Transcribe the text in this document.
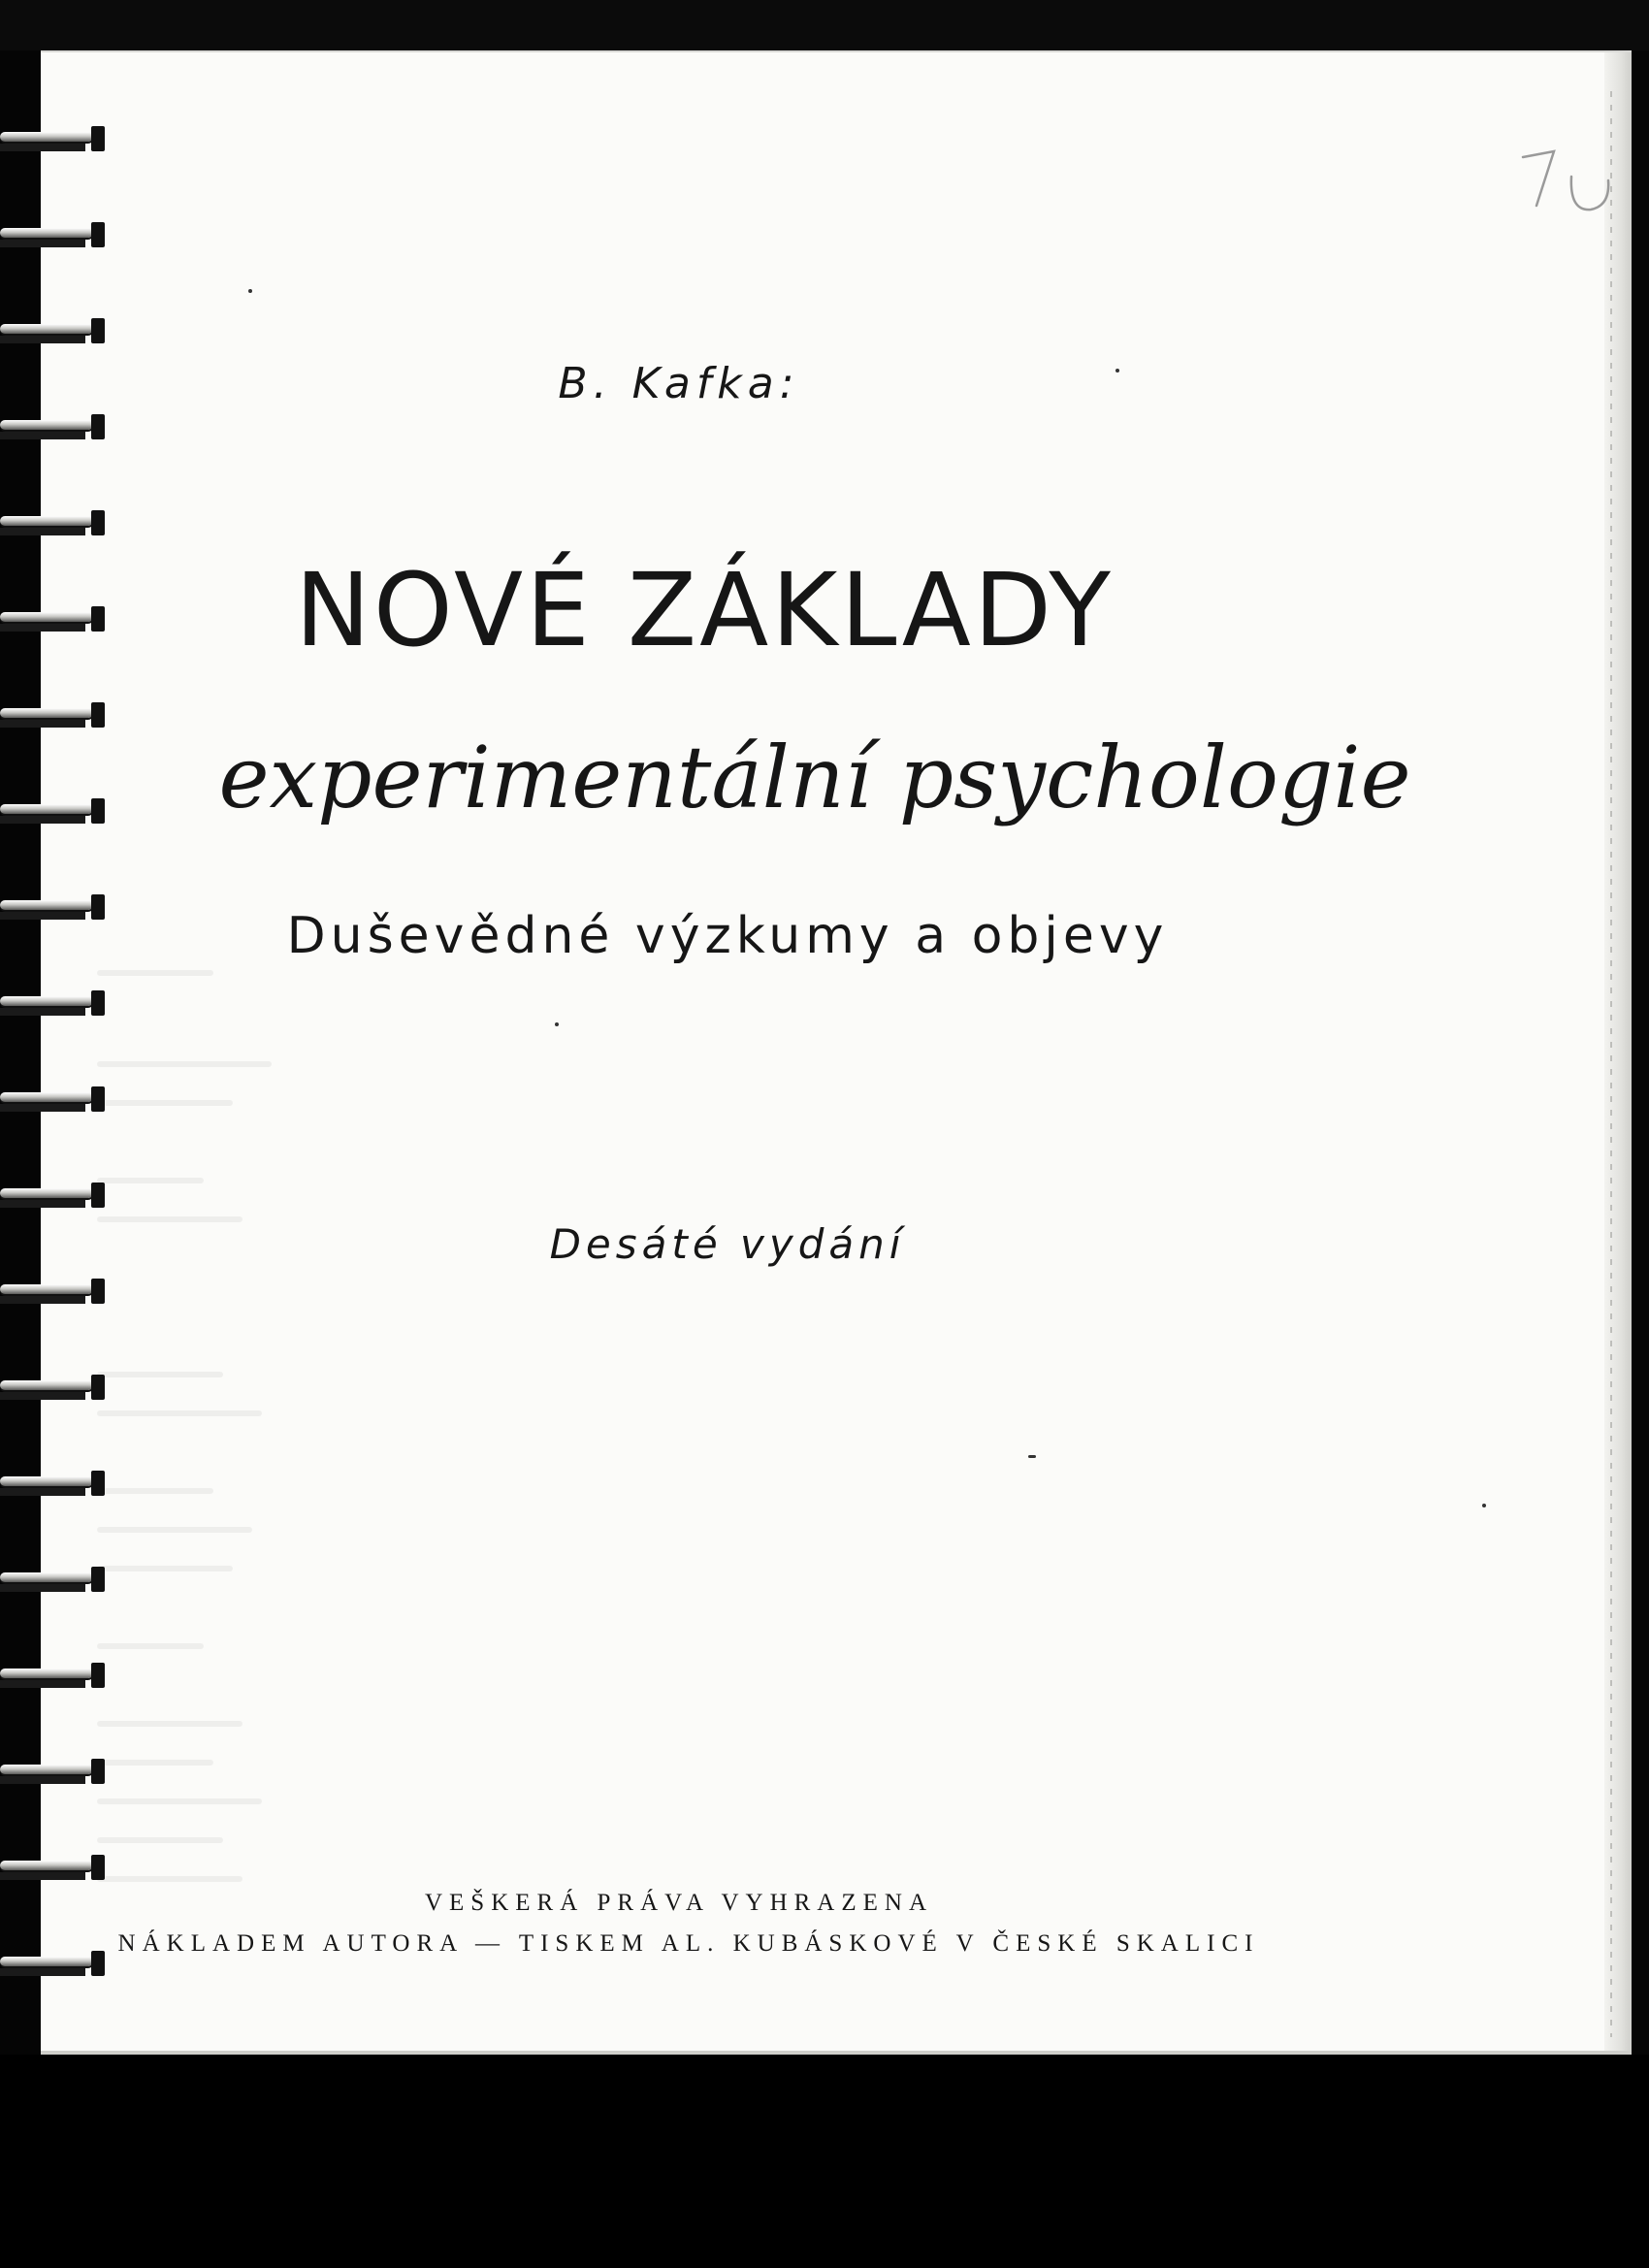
B. Kafka:
NOVÉ ZÁKLADY
experimentální psychologie
Duševědné výzkumy a objevy
Desáté vydání
VEŠKERÁ PRÁVA VYHRAZENA
NÁKLADEM AUTORA — TISKEM AL. KUBÁSKOVÉ V ČESKÉ SKALICI
